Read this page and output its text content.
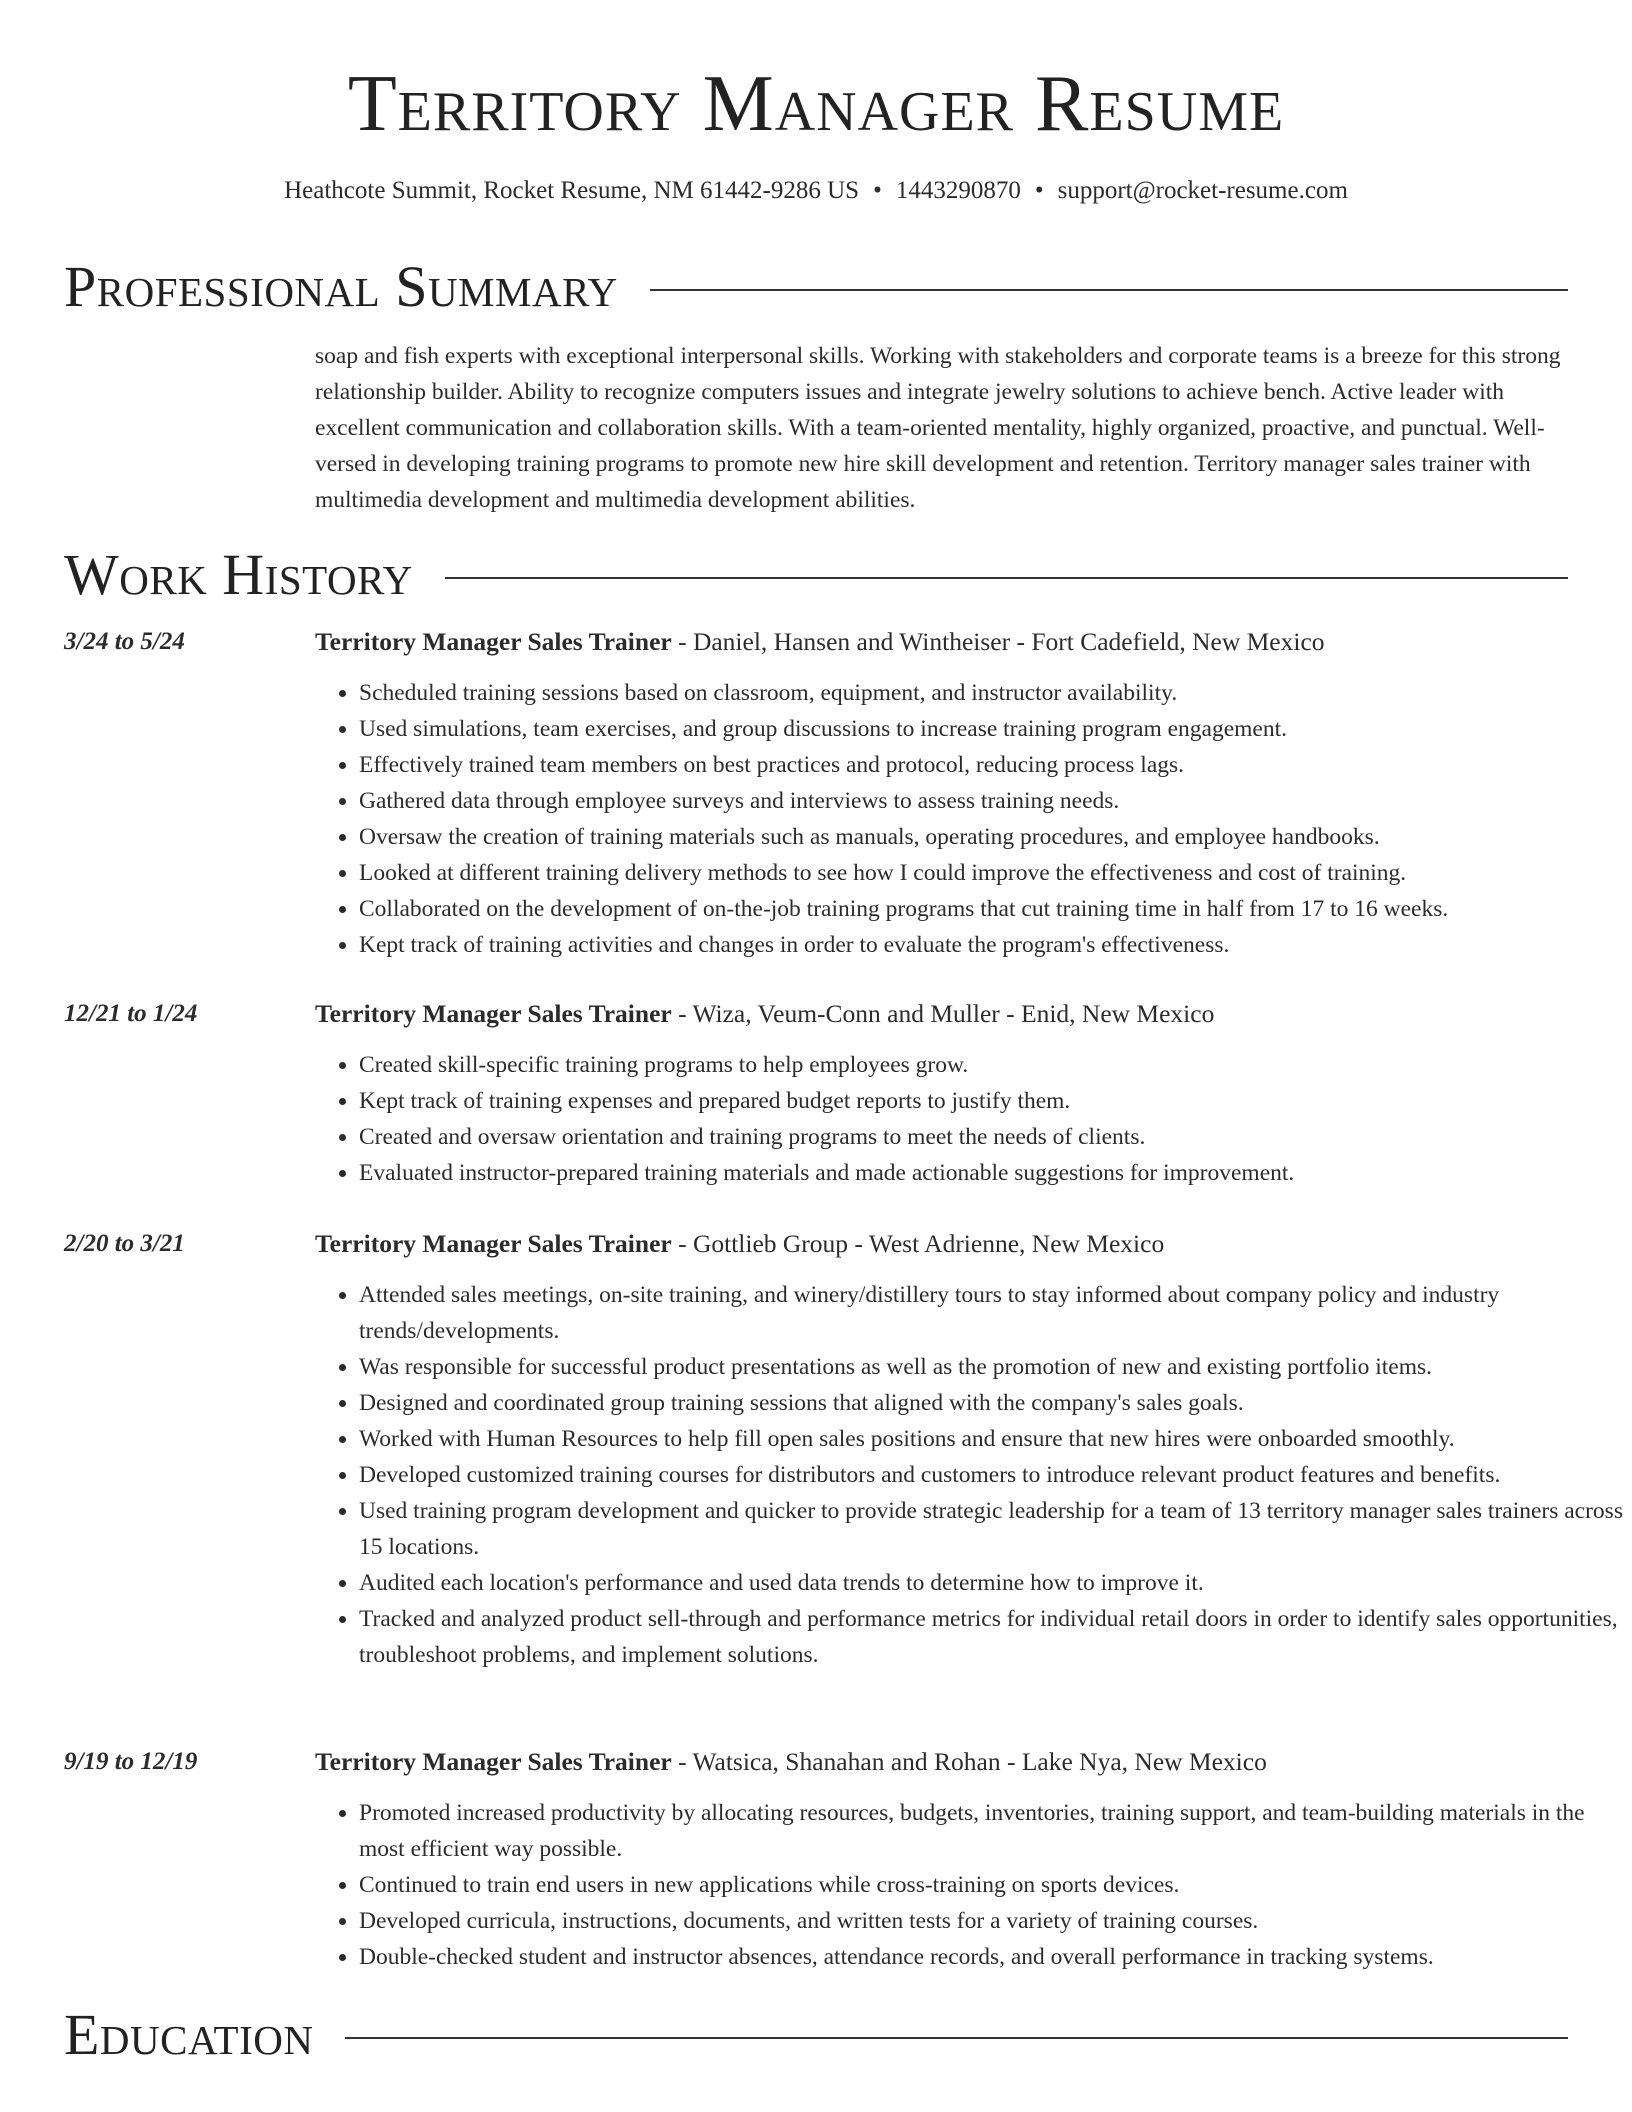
Territory Manager Resume
Heathcote Summit, Rocket Resume, NM 61442-9286 US • 1443290870 • support@rocket-resume.com
Professional Summary

soap and fish experts with exceptional interpersonal skills. Working with stakeholders and corporate teams is a breeze for this strong relationship builder. Ability to recognize computers issues and integrate jewelry solutions to achieve bench. Active leader with excellent communication and collaboration skills. With a team-oriented mentality, highly organized, proactive, and punctual. Well-versed in developing training programs to promote new hire skill development and retention. Territory manager sales trainer with multimedia development and multimedia development abilities.

Work History
3/24 to 5/24	Territory Manager Sales Trainer - Daniel, Hansen and Wintheiser - Fort Cadefield, New Mexico
• Scheduled training sessions based on classroom, equipment, and instructor availability.
• Used simulations, team exercises, and group discussions to increase training program engagement.
• Effectively trained team members on best practices and protocol, reducing process lags.
• Gathered data through employee surveys and interviews to assess training needs.
• Oversaw the creation of training materials such as manuals, operating procedures, and employee handbooks.
• Looked at different training delivery methods to see how I could improve the effectiveness and cost of training.
• Collaborated on the development of on-the-job training programs that cut training time in half from 17 to 16 weeks.
• Kept track of training activities and changes in order to evaluate the program's effectiveness.
12/21 to 1/24	Territory Manager Sales Trainer - Wiza, Veum-Conn and Muller - Enid, New Mexico
• Created skill-specific training programs to help employees grow.
• Kept track of training expenses and prepared budget reports to justify them.
• Created and oversaw orientation and training programs to meet the needs of clients.
• Evaluated instructor-prepared training materials and made actionable suggestions for improvement.
2/20 to 3/21	Territory Manager Sales Trainer - Gottlieb Group - West Adrienne, New Mexico
• Attended sales meetings, on-site training, and winery/distillery tours to stay informed about company policy and industry trends/developments.
• Was responsible for successful product presentations as well as the promotion of new and existing portfolio items.
• Designed and coordinated group training sessions that aligned with the company's sales goals.
• Worked with Human Resources to help fill open sales positions and ensure that new hires were onboarded smoothly.
• Developed customized training courses for distributors and customers to introduce relevant product features and benefits.
• Used training program development and quicker to provide strategic leadership for a team of 13 territory manager sales trainers across 15 locations.
• Audited each location's performance and used data trends to determine how to improve it.
• Tracked and analyzed product sell-through and performance metrics for individual retail doors in order to identify sales opportunities, troubleshoot problems, and implement solutions.
9/19 to 12/19	Territory Manager Sales Trainer - Watsica, Shanahan and Rohan - Lake Nya, New Mexico
• Promoted increased productivity by allocating resources, budgets, inventories, training support, and team-building materials in the most efficient way possible.
• Continued to train end users in new applications while cross-training on sports devices.
• Developed curricula, instructions, documents, and written tests for a variety of training courses.
• Double-checked student and instructor absences, attendance records, and overall performance in tracking systems.
Education
